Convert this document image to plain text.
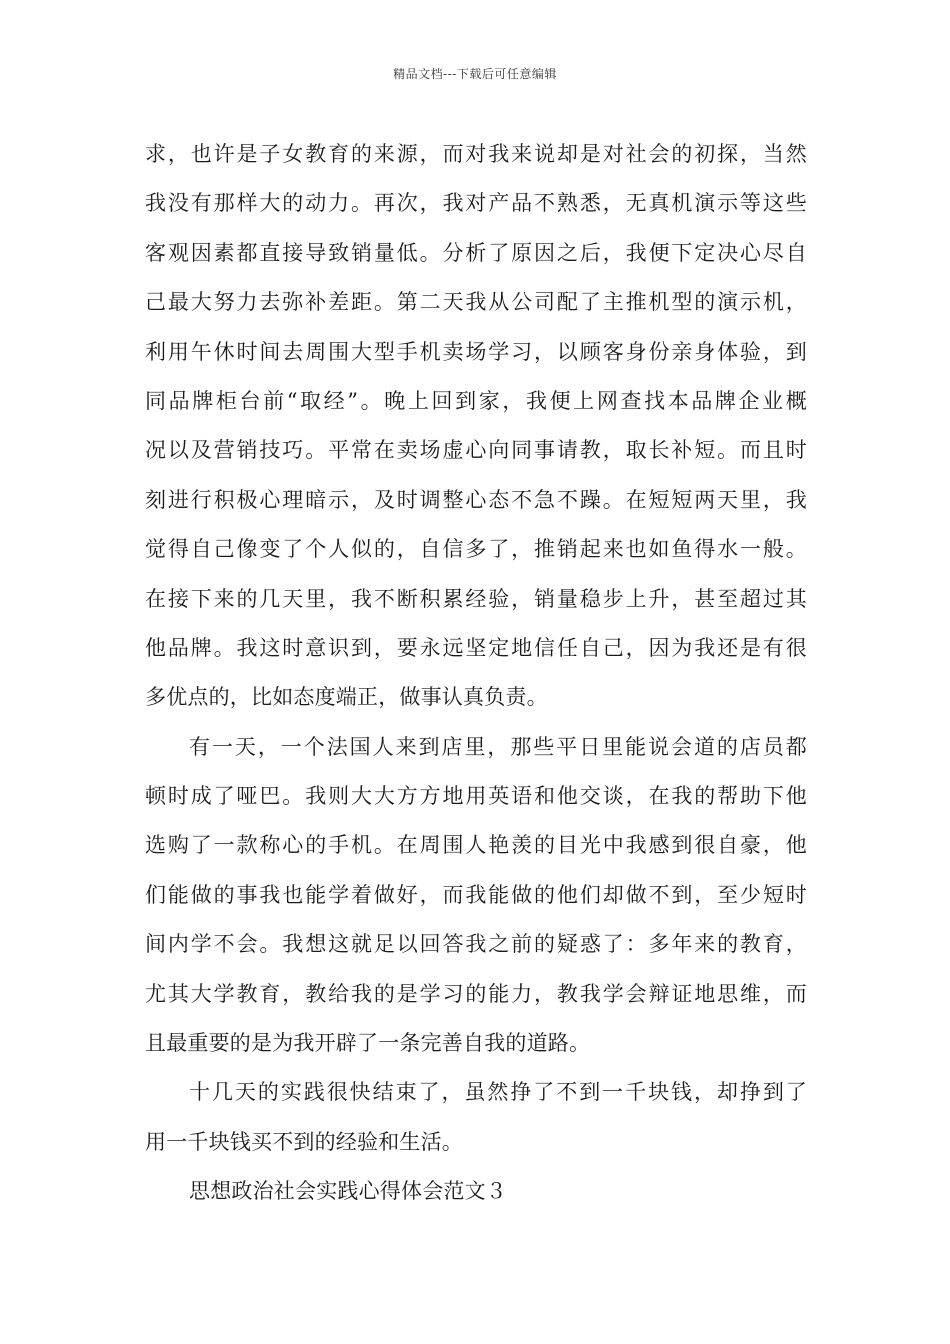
精品文档---下载后可任意编辑
求，也许是子女教育的来源，而对我来说却是对社会的初探，当然
我没有那样大的动力。再次，我对产品不熟悉，无真机演示等这些
客观因素都直接导致销量低。分析了原因之后，我便下定决心尽自
己最大努力去弥补差距。第二天我从公司配了主推机型的演示机，
利用午休时间去周围大型手机卖场学习，以顾客身份亲身体验，到
同品牌柜台前“取经”。晚上回到家，我便上网查找本品牌企业概
况以及营销技巧。平常在卖场虚心向同事请教，取长补短。而且时
刻进行积极心理暗示，及时调整心态不急不躁。在短短两天里，我
觉得自己像变了个人似的，自信多了，推销起来也如鱼得水一般。
在接下来的几天里，我不断积累经验，销量稳步上升，甚至超过其
他品牌。我这时意识到，要永远坚定地信任自己，因为我还是有很
多优点的，比如态度端正，做事认真负责。
有一天，一个法国人来到店里，那些平日里能说会道的店员都
顿时成了哑巴。我则大大方方地用英语和他交谈，在我的帮助下他
选购了一款称心的手机。在周围人艳羡的目光中我感到很自豪，他
们能做的事我也能学着做好，而我能做的他们却做不到，至少短时
间内学不会。我想这就足以回答我之前的疑惑了：多年来的教育，
尤其大学教育，教给我的是学习的能力，教我学会辩证地思维，而
且最重要的是为我开辟了一条完善自我的道路。
十几天的实践很快结束了，虽然挣了不到一千块钱，却挣到了
用一千块钱买不到的经验和生活。
思想政治社会实践心得体会范文３
